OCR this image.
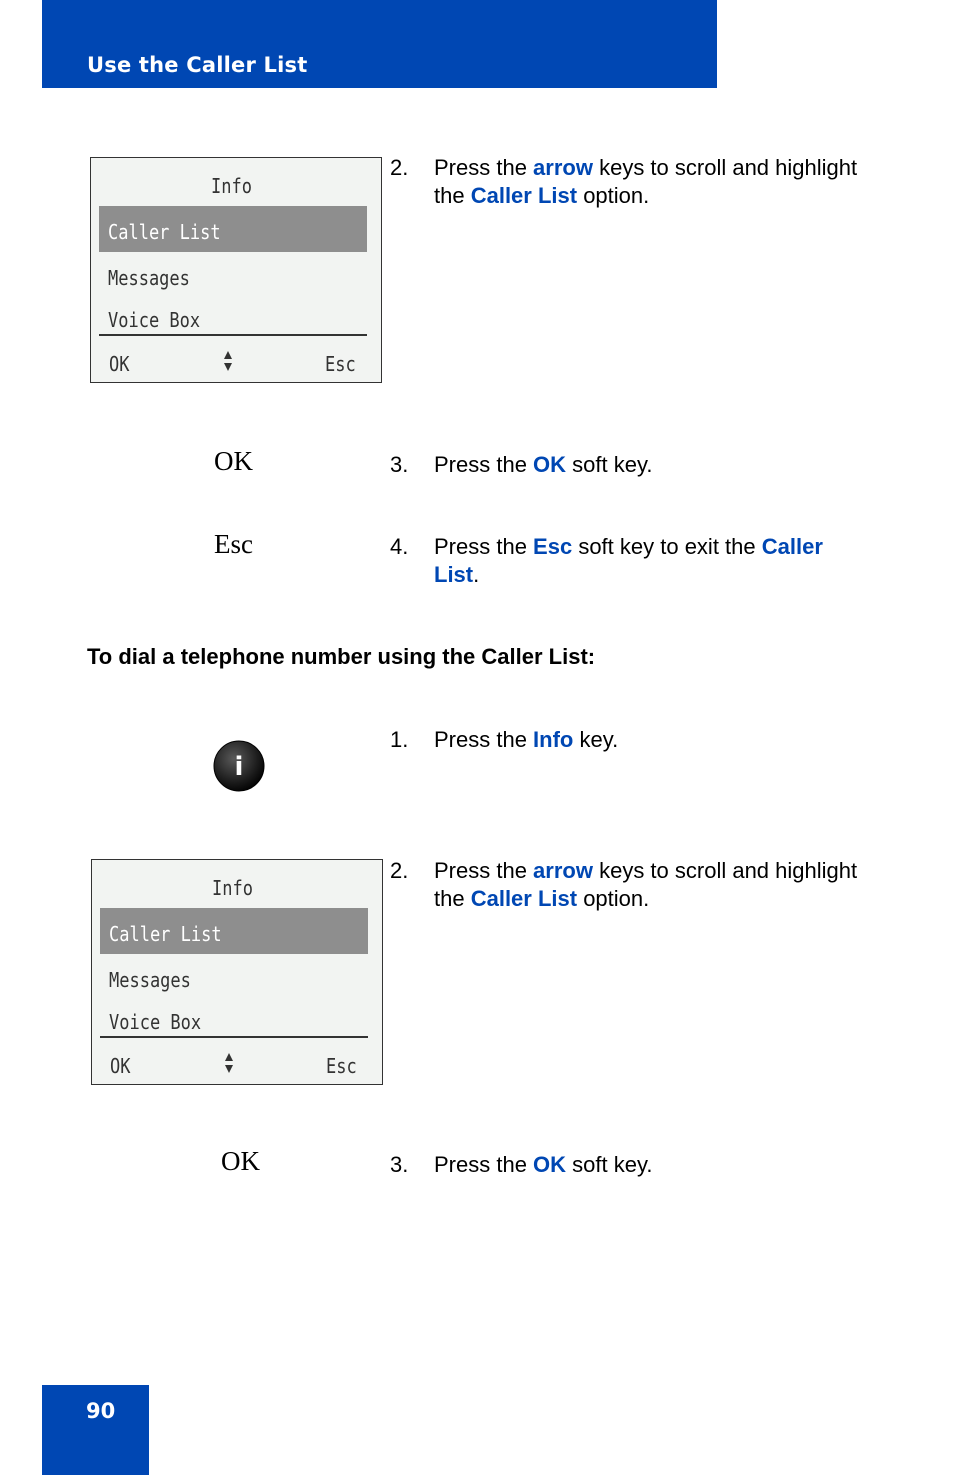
Use the Caller List
Info
Caller List
Messages
Voice Box
OK	Esc
2. Press the arrow keys to scroll and highlight the Caller List option.
OK	3. Press the OK soft key.
Esc	4. Press the Esc soft key to exit the Caller List.
To dial a telephone number using the Caller List:
i
1. Press the Info key.
Info
Caller List
Messages
Voice Box
OK	Esc
2. Press the arrow keys to scroll and highlight the Caller List option.
OK	3. Press the OK soft key.
90
